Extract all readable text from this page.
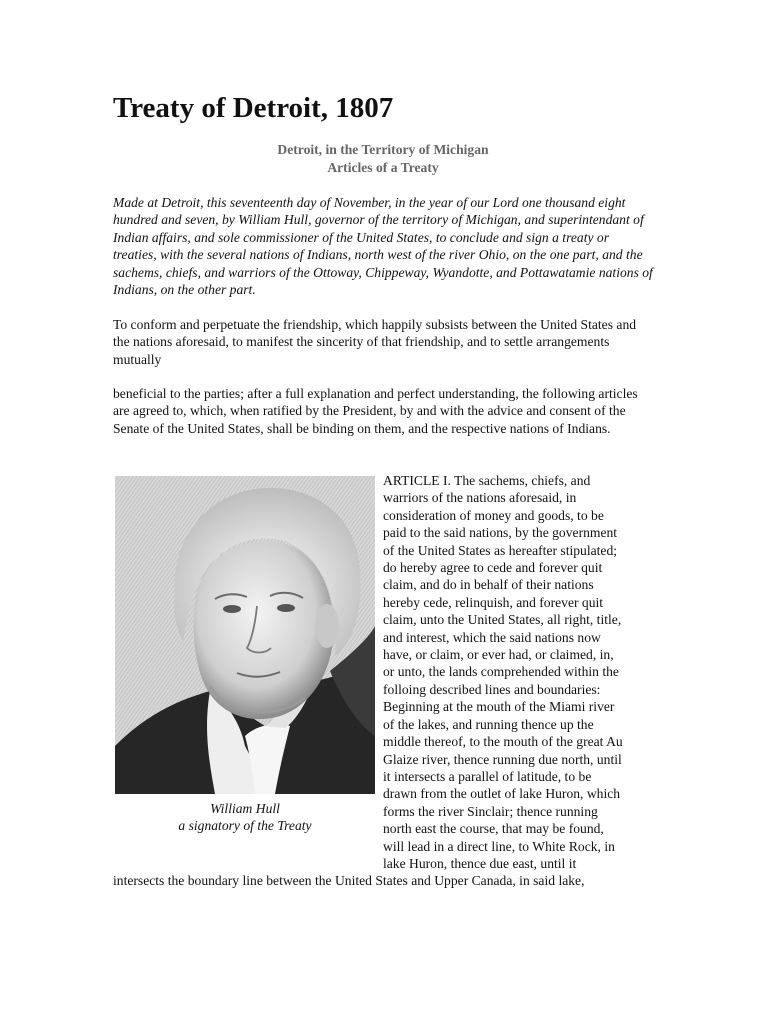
Treaty of Detroit, 1807
Detroit, in the Territory of Michigan
Articles of a Treaty

Made at Detroit, this seventeenth day of November, in the year of our Lord one thousand eight hundred and seven, by William Hull, governor of the territory of Michigan, and superintendant of Indian affairs, and sole commissioner of the United States, to conclude and sign a treaty or treaties, with the several nations of Indians, north west of the river Ohio, on the one part, and the sachems, chiefs, and warriors of the Ottoway, Chippeway, Wyandotte, and Pottawatamie nations of Indians, on the other part.

To conform and perpetuate the friendship, which happily subsists between the United States and the nations aforesaid, to manifest the sincerity of that friendship, and to settle arrangements mutually

beneficial to the parties; after a full explanation and perfect understanding, the following articles are agreed to, which, when ratified by the President, by and with the advice and consent of the Senate of the United States, shall be binding on them, and the respective nations of Indians.

William Hull
a signatory of the Treaty
ARTICLE I. The sachems, chiefs, and
warriors of the nations aforesaid, in
consideration of money and goods, to be
paid to the said nations, by the government
of the United States as hereafter stipulated;
do hereby agree to cede and forever quit
claim, and do in behalf of their nations
hereby cede, relinquish, and forever quit
claim, unto the United States, all right, title,
and interest, which the said nations now
have, or claim, or ever had, or claimed, in,
or unto, the lands comprehended within the
folloing described lines and boundaries:
Beginning at the mouth of the Miami river
of the lakes, and running thence up the
middle thereof, to the mouth of the great Au
Glaize river, thence running due north, until
it intersects a parallel of latitude, to be
drawn from the outlet of lake Huron, which
forms the river Sinclair; thence running
north east the course, that may be found,
will lead in a direct line, to White Rock, in
lake Huron, thence due east, until it

intersects the boundary line between the United States and Upper Canada, in said lake,
